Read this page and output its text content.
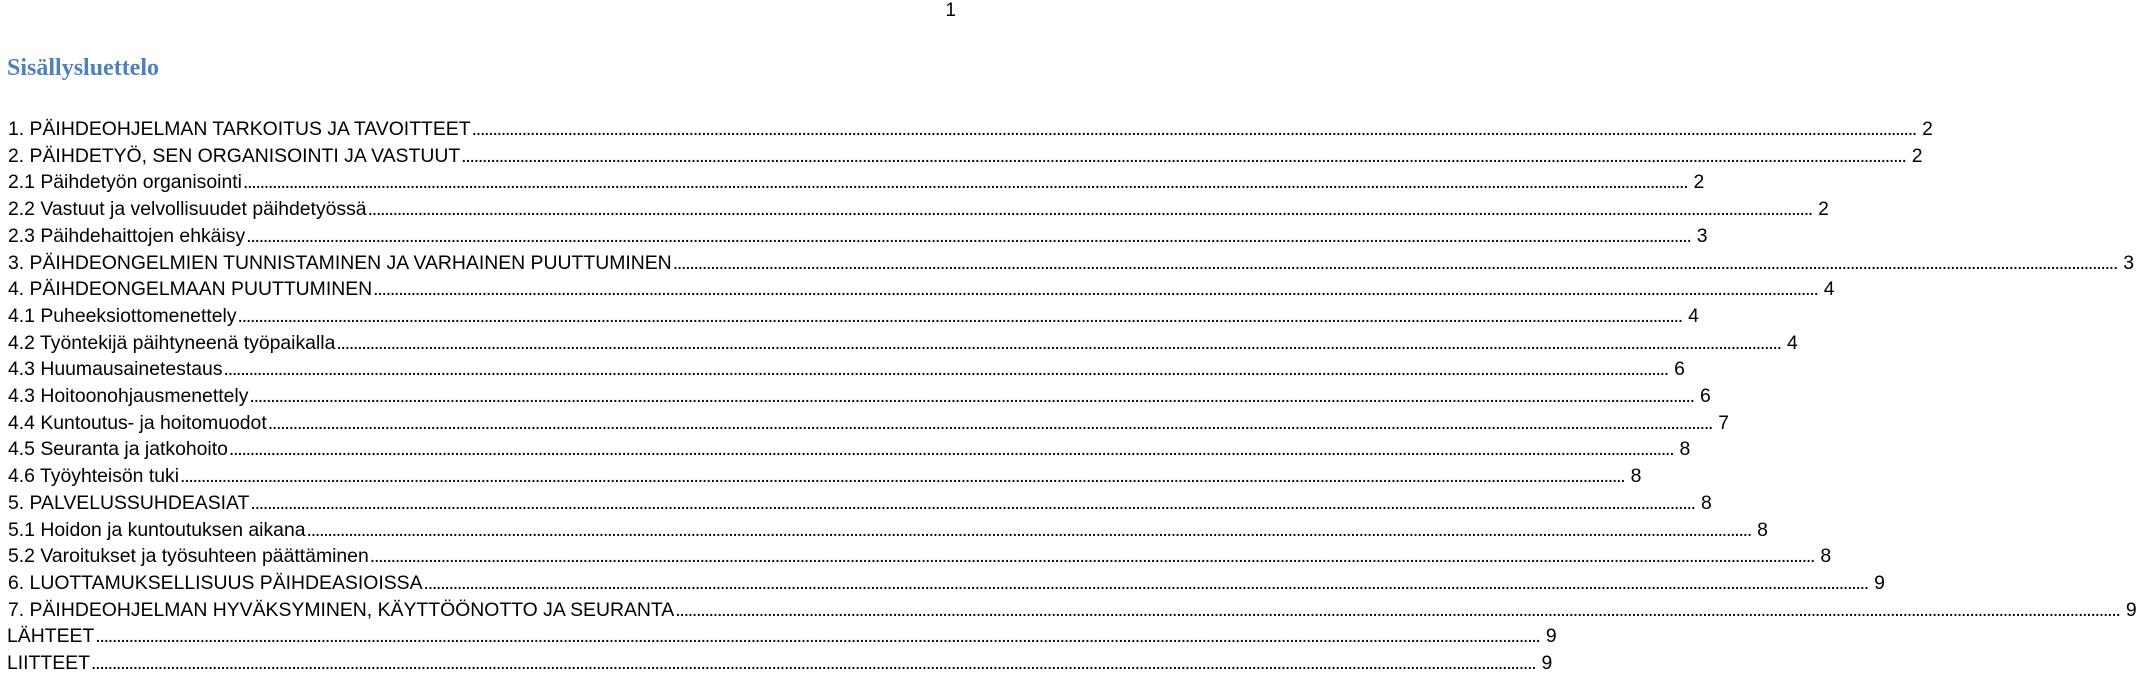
1
Sisällysluettelo
1. PÄIHDEOHJELMAN TARKOITUS JA TAVOITTEET . . .	2
2. PÄIHDETYÖ, SEN ORGANISOINTI JA VASTUUT . . .	2
2.1 Päihdetyön organisointi . . .	2
2.2 Vastuut ja velvollisuudet päihdetyössä . . .	2
2.3 Päihdehaittojen ehkäisy . . .	3
3. PÄIHDEONGELMIEN TUNNISTAMINEN JA VARHAINEN PUUTTUMINEN . . .	3
4. PÄIHDEONGELMAAN PUUTTUMINEN . . .	4
4.1 Puheeksiottomenettely . . .	4
4.2 Työntekijä päihtyneenä työpaikalla . . .	4
4.3 Huumausainetestaus . . .	6
4.3 Hoitoonohjausmenettely . . .	6
4.4 Kuntoutus- ja hoitomuodot . . .	7
4.5 Seuranta ja jatkohoito . . .	8
4.6 Työyhteisön tuki . . .	8
5. PALVELUSSUHDEASIAT . . .	8
5.1 Hoidon ja kuntoutuksen aikana . . .	8
5.2 Varoitukset ja työsuhteen päättäminen . . .	8
6. LUOTTAMUKSELLISUUS PÄIHDEASIOISSA . . .	9
7. PÄIHDEOHJELMAN HYVÄKSYMINEN, KÄYTTÖÖNOTTO JA SEURANTA . . .	9
LÄHTEET . . .	9
LIITTEET . . .	9
